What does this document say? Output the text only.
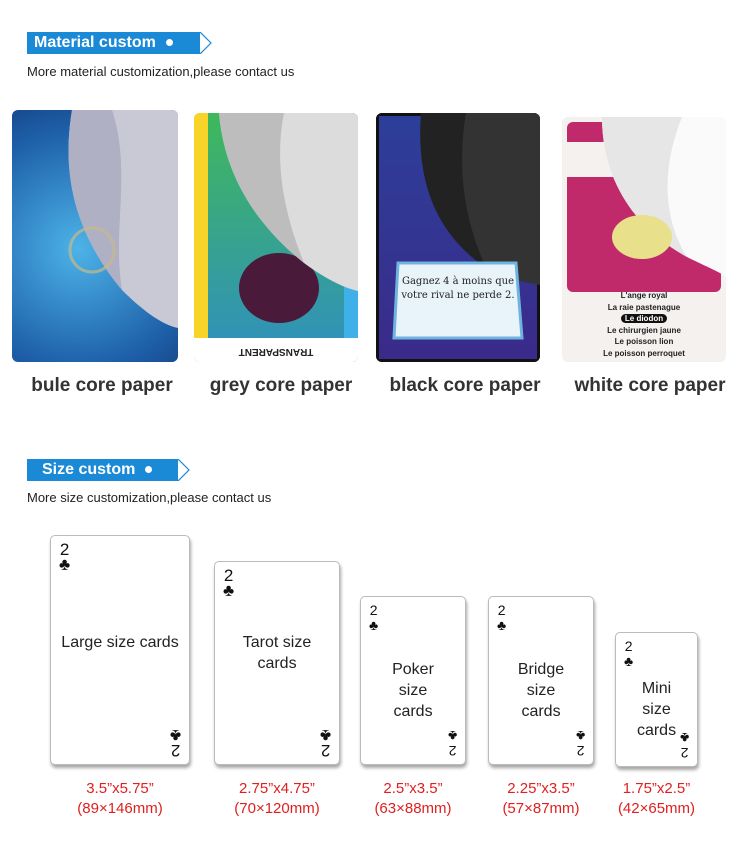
Material custom
More material customization,please contact us
bule core paper
TRANSPARENT
grey core paper
Gagnez 4 à moins que votre rival ne perde 2.
black core paper
L'ange royal
La raie pastenague
Le diodon
Le chirurgien jaune
Le poisson lion
Le poisson perroquet
white core paper
Size custom
More size customization,please contact us
2
♣
Large size cards
2
♣
3.5”x5.75”
(89×146mm)
2
♣
Tarot size cards
2
♣
2.75”x4.75”
(70×120mm)
2
♣
Poker size cards
2
♣
2.5”x3.5”
(63×88mm)
2
♣
Bridge size cards
2
♣
2.25”x3.5”
(57×87mm)
2
♣
Mini size cards
2
♣
1.75”x2.5”
(42×65mm)
